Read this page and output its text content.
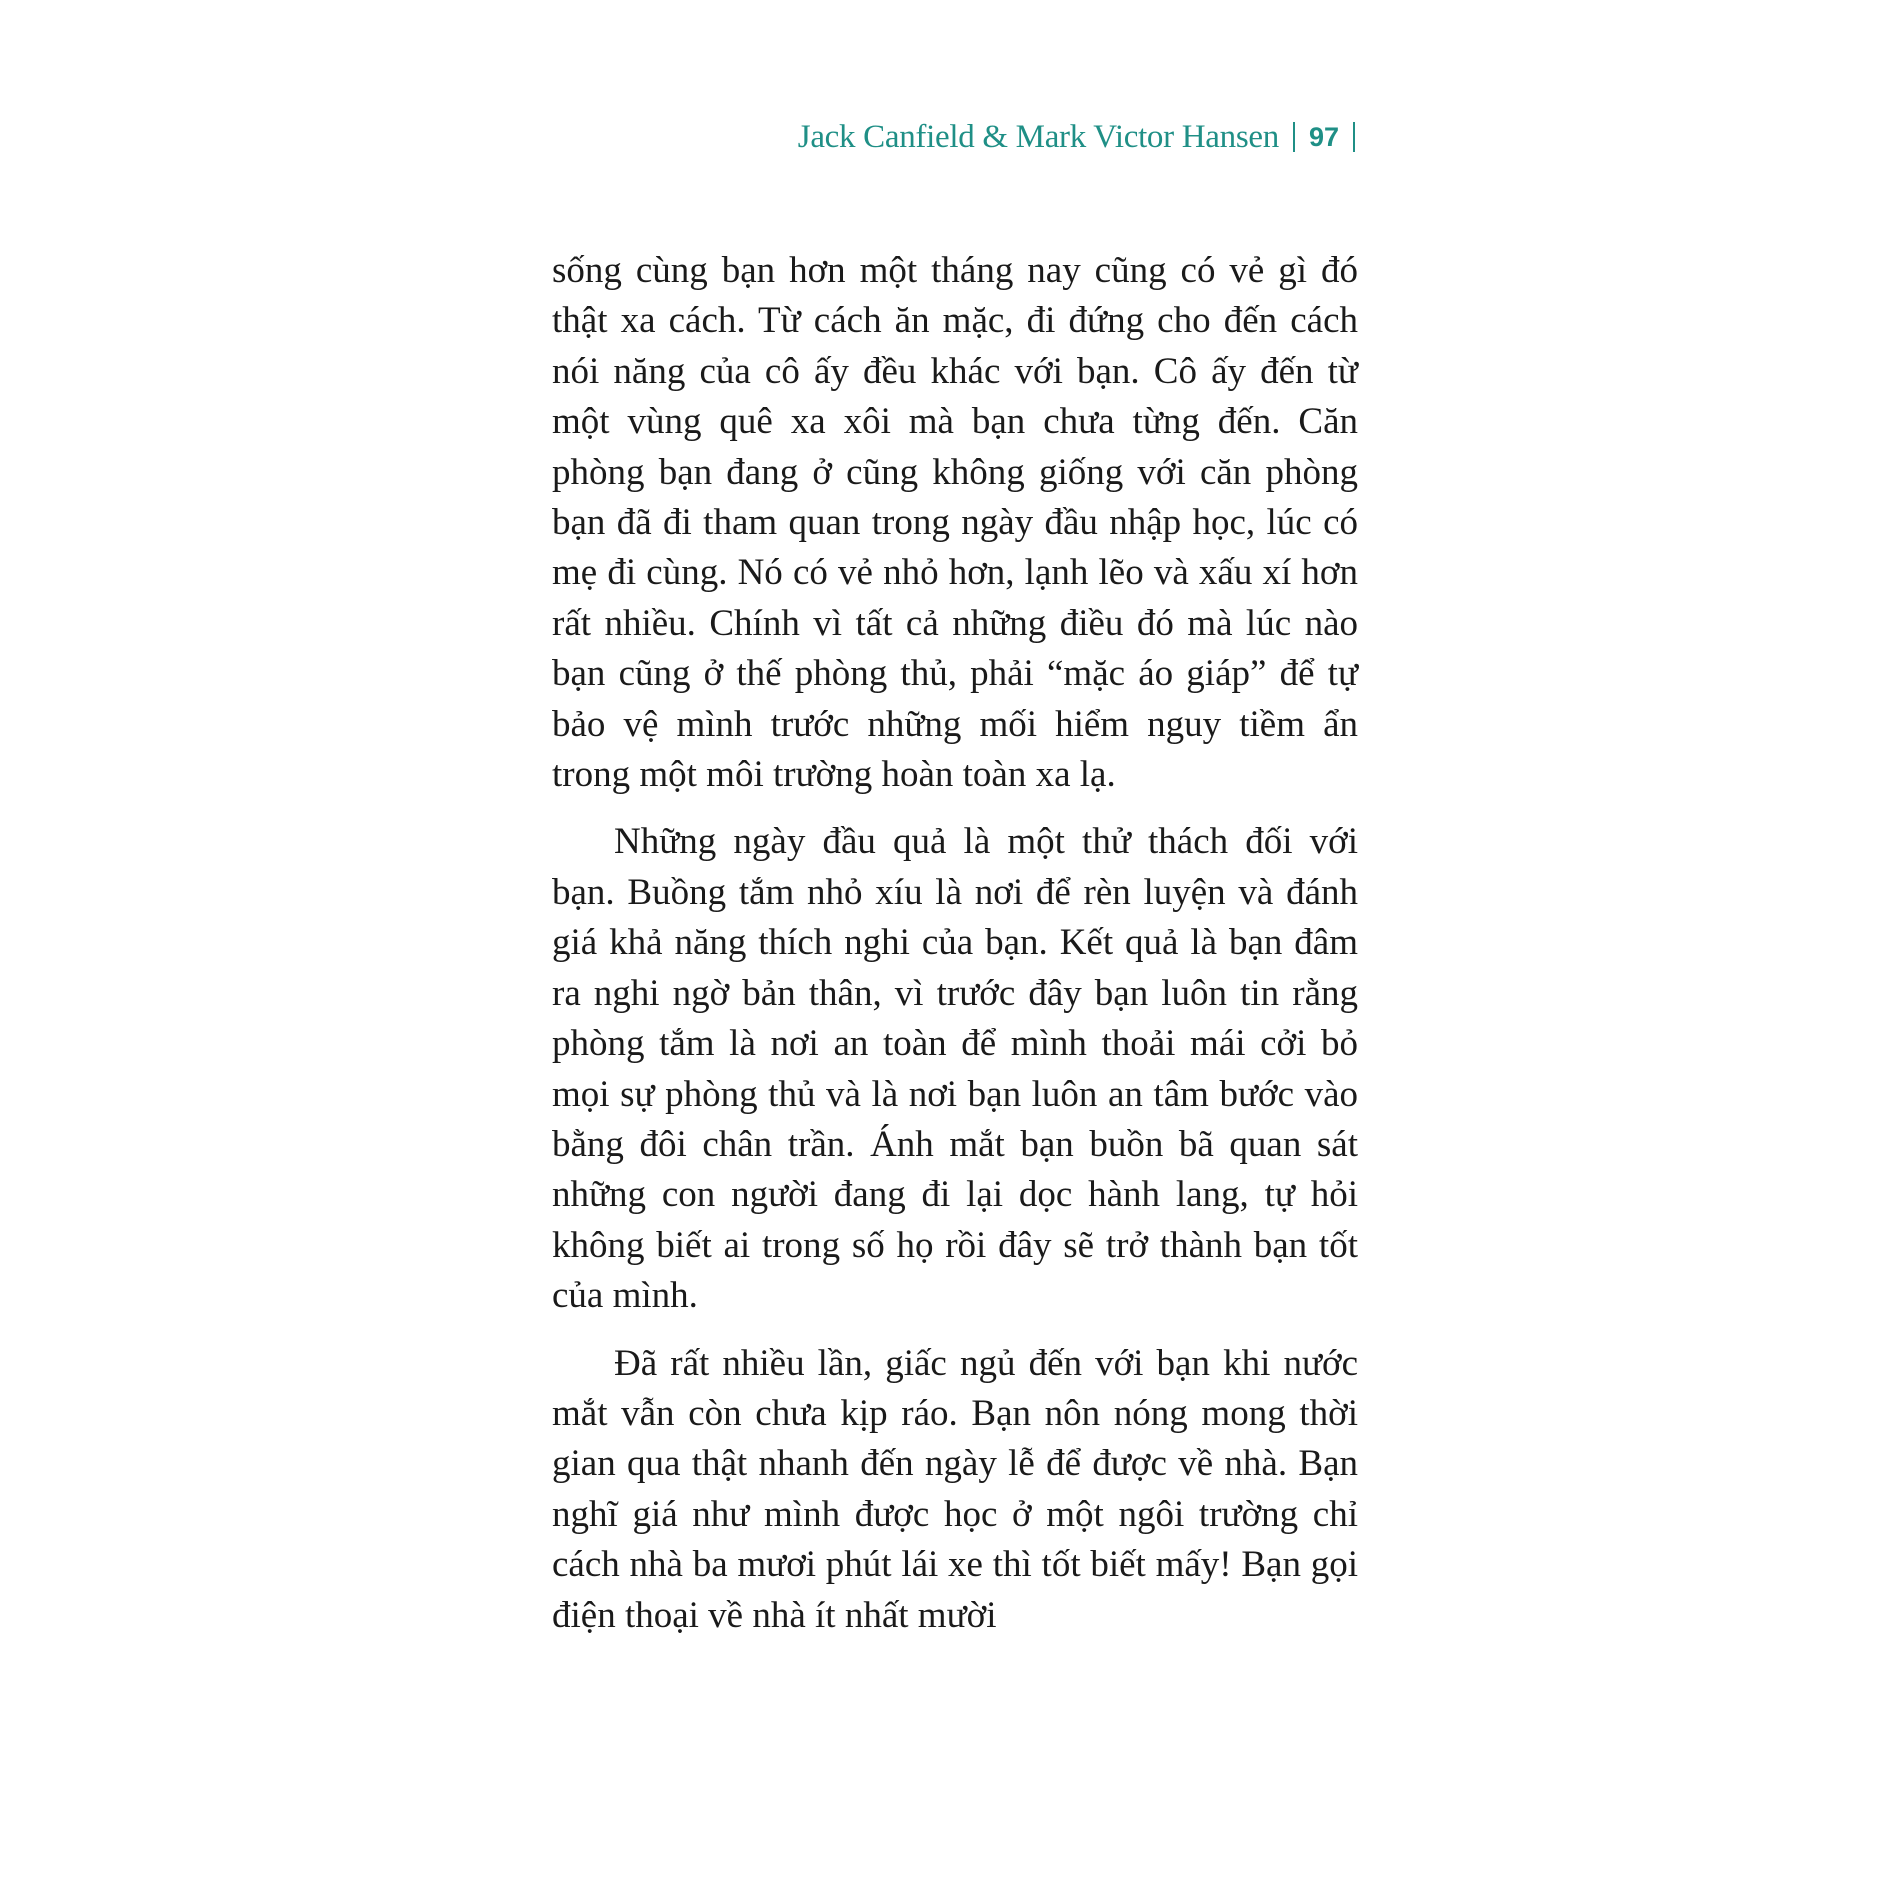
Jack Canfield & Mark Victor Hansen 97

sống cùng bạn hơn một tháng nay cũng có vẻ gì đó thật xa cách. Từ cách ăn mặc, đi đứng cho đến cách nói năng của cô ấy đều khác với bạn. Cô ấy đến từ một vùng quê xa xôi mà bạn chưa từng đến. Căn phòng bạn đang ở cũng không giống với căn phòng bạn đã đi tham quan trong ngày đầu nhập học, lúc có mẹ đi cùng. Nó có vẻ nhỏ hơn, lạnh lẽo và xấu xí hơn rất nhiều. Chính vì tất cả những điều đó mà lúc nào bạn cũng ở thế phòng thủ, phải “mặc áo giáp” để tự bảo vệ mình trước những mối hiểm nguy tiềm ẩn trong một môi trường hoàn toàn xa lạ.

Những ngày đầu quả là một thử thách đối với bạn. Buồng tắm nhỏ xíu là nơi để rèn luyện và đánh giá khả năng thích nghi của bạn. Kết quả là bạn đâm ra nghi ngờ bản thân, vì trước đây bạn luôn tin rằng phòng tắm là nơi an toàn để mình thoải mái cởi bỏ mọi sự phòng thủ và là nơi bạn luôn an tâm bước vào bằng đôi chân trần. Ánh mắt bạn buồn bã quan sát những con người đang đi lại dọc hành lang, tự hỏi không biết ai trong số họ rồi đây sẽ trở thành bạn tốt của mình.

Đã rất nhiều lần, giấc ngủ đến với bạn khi nước mắt vẫn còn chưa kịp ráo. Bạn nôn nóng mong thời gian qua thật nhanh đến ngày lễ để được về nhà. Bạn nghĩ giá như mình được học ở một ngôi trường chỉ cách nhà ba mươi phút lái xe thì tốt biết mấy! Bạn gọi điện thoại về nhà ít nhất mười
